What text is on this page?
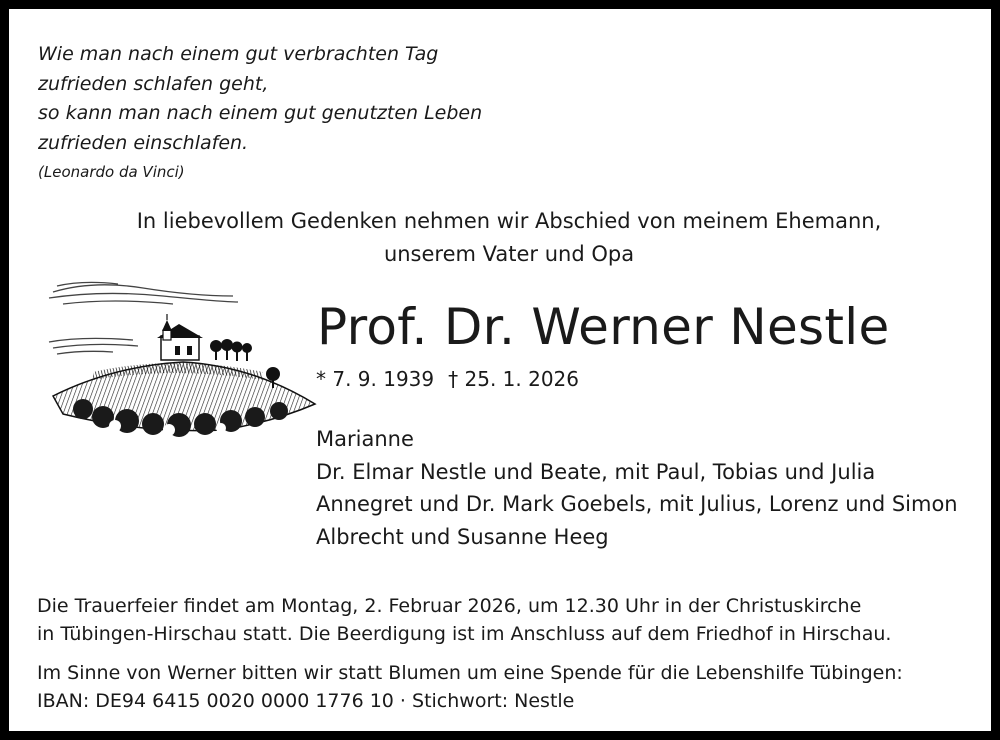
Wie man nach einem gut verbrachten Tag
zufrieden schlafen geht,
so kann man nach einem gut genutzten Leben
zufrieden einschlafen.
(Leonardo da Vinci)
In liebevollem Gedenken nehmen wir Abschied von meinem Ehemann,
unserem Vater und Opa
Prof. Dr. Werner Nestle
* 7. 9. 1939 † 25. 1. 2026
Marianne
Dr. Elmar Nestle und Beate, mit Paul, Tobias und Julia
Annegret und Dr. Mark Goebels, mit Julius, Lorenz und Simon
Albrecht und Susanne Heeg
Die Trauerfeier findet am Montag, 2. Februar 2026, um 12.30 Uhr in der Christuskirche
in Tübingen-Hirschau statt. Die Beerdigung ist im Anschluss auf dem Friedhof in Hirschau.
Im Sinne von Werner bitten wir statt Blumen um eine Spende für die Lebenshilfe Tübingen:
IBAN: DE94 6415 0020 0000 1776 10 · Stichwort: Nestle
